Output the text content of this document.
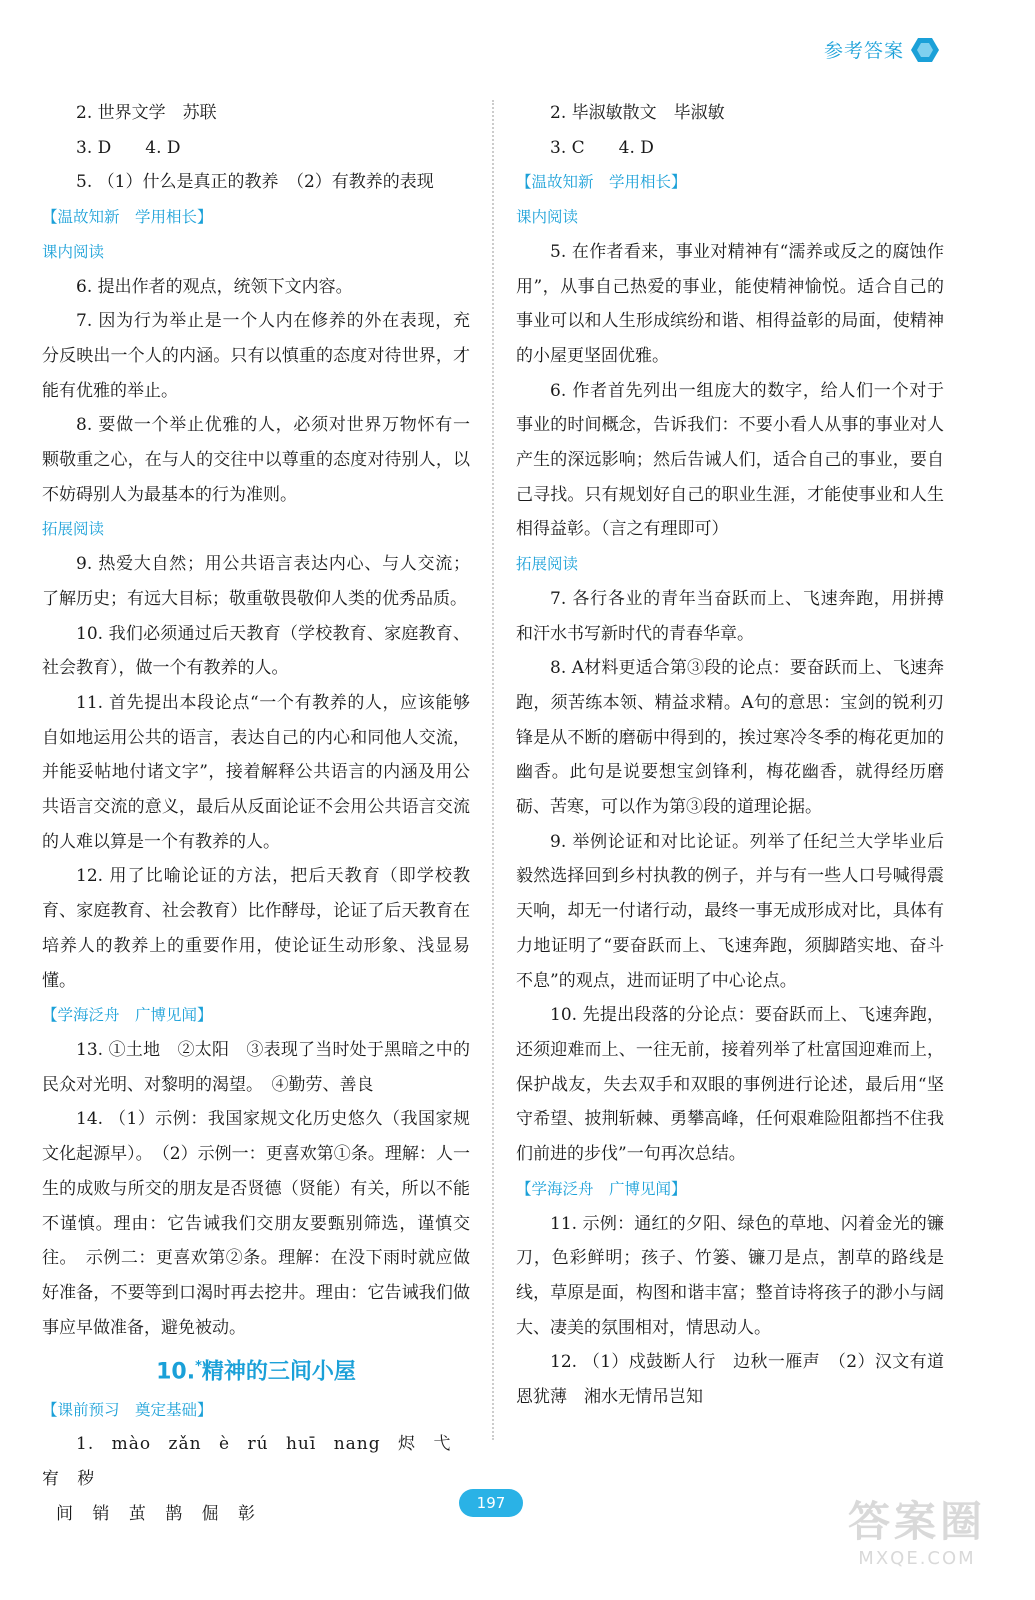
参考答案

2. 世界文学　苏联

3. D　　4. D

5. （1）什么是真正的教养　（2）有教养的表现

【温故知新　学用相长】

课内阅读

6. 提出作者的观点，统领下文内容。

7. 因为行为举止是一个人内在修养的外在表现，充分反映出一个人的内涵。只有以慎重的态度对待世界，才能有优雅的举止。

8. 要做一个举止优雅的人，必须对世界万物怀有一颗敬重之心，在与人的交往中以尊重的态度对待别人，以不妨碍别人为最基本的行为准则。

拓展阅读

9. 热爱大自然；用公共语言表达内心、与人交流；了解历史；有远大目标；敬重敬畏敬仰人类的优秀品质。

10. 我们必须通过后天教育（学校教育、家庭教育、社会教育），做一个有教养的人。

11. 首先提出本段论点“一个有教养的人，应该能够自如地运用公共的语言，表达自己的内心和同他人交流，并能妥帖地付诸文字”，接着解释公共语言的内涵及用公共语言交流的意义，最后从反面论证不会用公共语言交流的人难以算是一个有教养的人。

12. 用了比喻论证的方法，把后天教育（即学校教育、家庭教育、社会教育）比作酵母，论证了后天教育在培养人的教养上的重要作用，使论证生动形象、浅显易懂。

【学海泛舟　广博见闻】

13. ①土地　②太阳　③表现了当时处于黑暗之中的民众对光明、对黎明的渴望。　④勤劳、善良

14. （1）示例：我国家规文化历史悠久（我国家规文化起源早）。　（2）示例一：更喜欢第①条。理解：人一生的成败与所交的朋友是否贤德（贤能）有关，所以不能不谨慎。理由：它告诫我们交朋友要甄别筛选，谨慎交往。　示例二：更喜欢第②条。理解：在没下雨时就应做好准备，不要等到口渴时再去挖井。理由：它告诫我们做事应早做准备，避免被动。

10.*精神的三间小屋

【课前预习　奠定基础】

1. mào zǎn è rú huī nang 烬 弋 宥 秽

间 销 茧 鹊 倔 彰

2. 毕淑敏散文　毕淑敏

3. C　　4. D

【温故知新　学用相长】

课内阅读

5. 在作者看来，事业对精神有“濡养或反之的腐蚀作用”，从事自己热爱的事业，能使精神愉悦。适合自己的事业可以和人生形成缤纷和谐、相得益彰的局面，使精神的小屋更坚固优雅。

6. 作者首先列出一组庞大的数字，给人们一个对于事业的时间概念，告诉我们：不要小看人从事的事业对人产生的深远影响；然后告诫人们，适合自己的事业，要自己寻找。只有规划好自己的职业生涯，才能使事业和人生相得益彰。（言之有理即可）

拓展阅读

7. 各行各业的青年当奋跃而上、飞速奔跑，用拼搏和汗水书写新时代的青春华章。

8. A材料更适合第③段的论点：要奋跃而上、飞速奔跑，须苦练本领、精益求精。A句的意思：宝剑的锐利刃锋是从不断的磨砺中得到的，挨过寒冷冬季的梅花更加的幽香。此句是说要想宝剑锋利，梅花幽香，就得经历磨砺、苦寒，可以作为第③段的道理论据。

9. 举例论证和对比论证。列举了任纪兰大学毕业后毅然选择回到乡村执教的例子，并与有一些人口号喊得震天响，却无一付诸行动，最终一事无成形成对比，具体有力地证明了“要奋跃而上、飞速奔跑，须脚踏实地、奋斗不息”的观点，进而证明了中心论点。

10. 先提出段落的分论点：要奋跃而上、飞速奔跑，还须迎难而上、一往无前，接着列举了杜富国迎难而上，保护战友，失去双手和双眼的事例进行论述，最后用“坚守希望、披荆斩棘、勇攀高峰，任何艰难险阻都挡不住我们前进的步伐”一句再次总结。

【学海泛舟　广博见闻】

11. 示例：通红的夕阳、绿色的草地、闪着金光的镰刀，色彩鲜明；孩子、竹篓、镰刀是点，割草的路线是线，草原是面，构图和谐丰富；整首诗将孩子的渺小与阔大、凄美的氛围相对，情思动人。

12. （1）戍鼓断人行　边秋一雁声　（2）汉文有道恩犹薄　湘水无情吊岂知

197	答案圈
MXQE.COM
